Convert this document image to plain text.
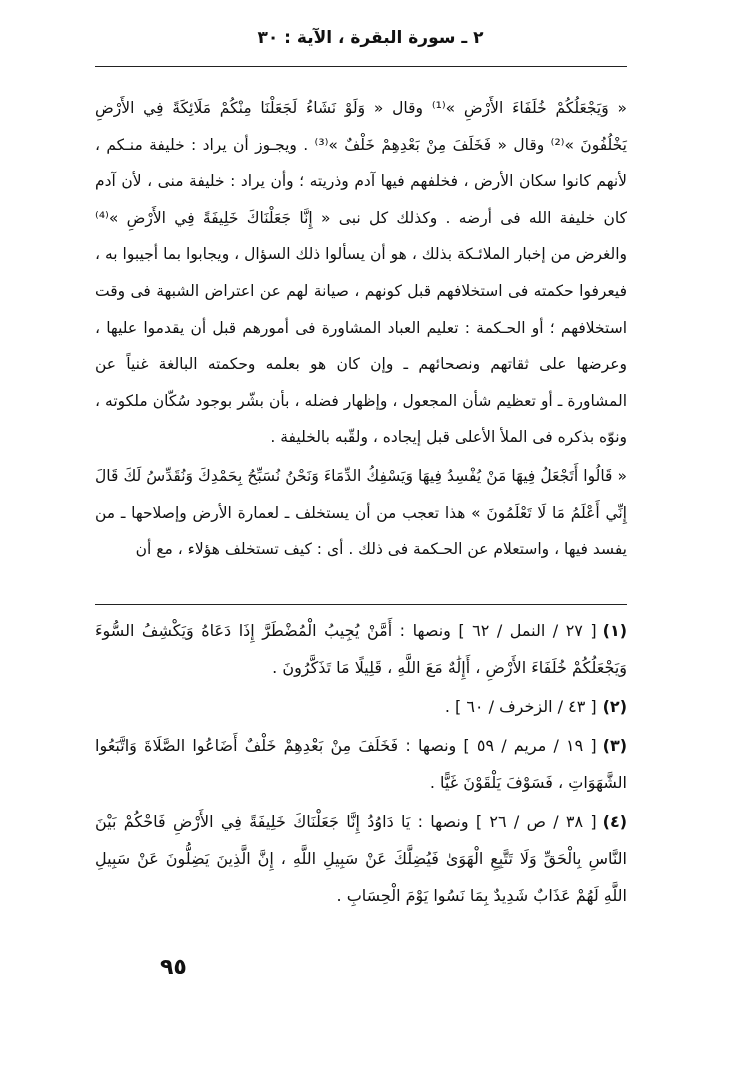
٢ ـ سورة البقرة ، الآية : ٣٠

« وَيَجْعَلُكُمْ خُلَفَاءَ الأَرْضِ »⁽¹⁾ وقال « وَلَوْ نَشَاءُ لَجَعَلْنَا مِنْكُمْ مَلَائِكَةً فِي الأَرْضِ يَخْلُفُونَ »⁽²⁾ وقال « فَخَلَفَ مِنْ بَعْدِهِمْ خَلْفٌ »⁽³⁾ . ويجـوز أن يراد : خليفة منـكم ، لأنهم كانوا سكان الأرض ، فخلفهم فيها آدم وذريته ؛ وأن يراد : خليفة منى ، لأن آدم كان خليفة الله فى أرضه . وكذلك كل نبى « إِنَّا جَعَلْنَاكَ خَلِيفَةً فِي الأَرْضِ »⁽⁴⁾ والغرض من إخبار الملائـكة بذلك ، هو أن يسألوا ذلك السؤال ، ويجابوا بما أجيبوا به ، فيعرفوا حكمته فى استخلافهم قبل كونهم ، صيانة لهم عن اعتراض الشبهة فى وقت استخلافهم ؛ أو الحـكمة : تعليم العباد المشاورة فى أمورهم قبل أن يقدموا عليها ، وعرضها على ثقاتهم ونصحائهم ـ وإن كان هو بعلمه وحكمته البالغة غنياً عن المشاورة ـ أو تعظيم شأن المجعول ، وإظهار فضله ، بأن بشّر بوجود سُكّان ملكوته ، ونوّه بذكره فى الملأ الأعلى قبل إيجاده ، ولقّبه بالخليفة .

« قَالُوا أَتَجْعَلُ فِيهَا مَنْ يُفْسِدُ فِيهَا وَيَسْفِكُ الدِّمَاءَ وَنَحْنُ نُسَبِّحُ بِحَمْدِكَ وَنُقَدِّسُ لَكَ قَالَ إِنِّي أَعْلَمُ مَا لَا تَعْلَمُونَ » هذا تعجب من أن يستخلف ـ لعمارة الأرض وإصلاحها ـ من يفسد فيها ، واستعلام عن الحـكمة فى ذلك . أى : كيف تستخلف هؤلاء ، مع أن

(١)[ ٢٧ / النمل / ٦٢ ] ونصها : أَمَّنْ يُجِيبُ الْمُضْطَرَّ إِذَا دَعَاهُ وَيَكْشِفُ السُّوءَ وَيَجْعَلُكُمْ خُلَفَاءَ الأَرْضِ ، أَإِلَٰهٌ مَعَ اللَّهِ ، قَلِيلًا مَا تَذَكَّرُونَ .

(٢)[ ٤٣ / الزخرف / ٦٠ ] .

(٣)[ ١٩ / مريم / ٥٩ ] ونصها : فَخَلَفَ مِنْ بَعْدِهِمْ خَلْفٌ أَضَاعُوا الصَّلَاةَ وَاتَّبَعُوا الشَّهَوَاتِ ، فَسَوْفَ يَلْقَوْنَ غَيًّا .

(٤)[ ٣٨ / ص / ٢٦ ] ونصها : يَا دَاوُدُ إِنَّا جَعَلْنَاكَ خَلِيفَةً فِي الأَرْضِ فَاحْكُمْ بَيْنَ النَّاسِ بِالْحَقِّ وَلَا تَتَّبِعِ الْهَوَىٰ فَيُضِلَّكَ عَنْ سَبِيلِ اللَّهِ ، إِنَّ الَّذِينَ يَضِلُّونَ عَنْ سَبِيلِ اللَّهِ لَهُمْ عَذَابٌ شَدِيدٌ بِمَا نَسُوا يَوْمَ الْحِسَابِ .

٩٥
